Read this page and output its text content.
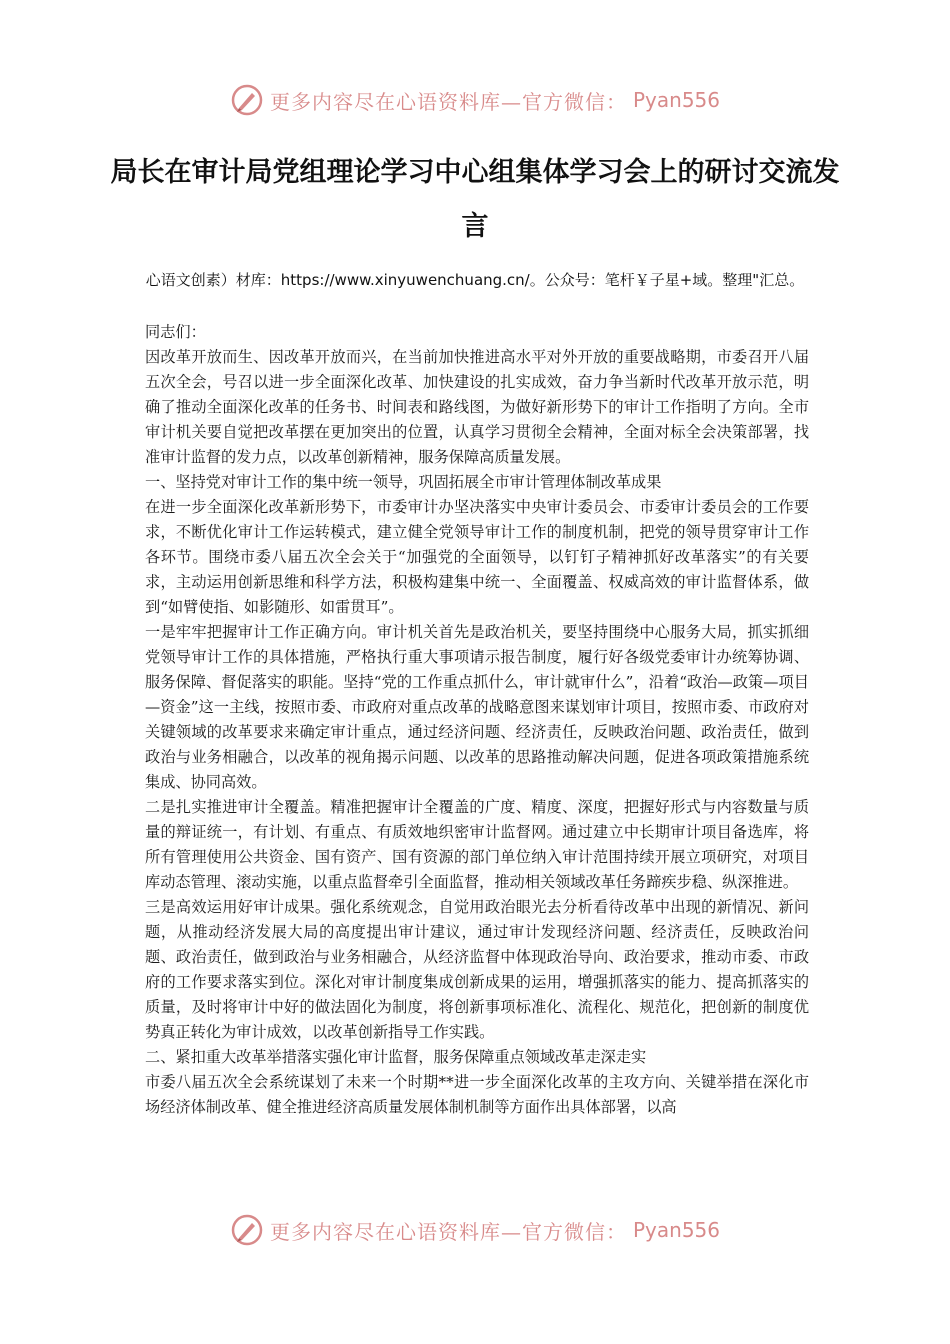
更多内容尽在心语资料库—官方微信： Pyan556
局长在审计局党组理论学习中心组集体学习会上的研讨交流发言
心语文创素）材库：https://www.xinyuwenchuang.cn/。公众号：笔杆￥子星+域。整理"汇总。

同志们：

因改革开放而生、因改革开放而兴，在当前加快推进高水平对外开放的重要战略期，市委召开八届五次全会，号召以进一步全面深化改革、加快建设的扎实成效，奋力争当新时代改革开放示范，明确了推动全面深化改革的任务书、时间表和路线图，为做好新形势下的审计工作指明了方向。全市审计机关要自觉把改革摆在更加突出的位置，认真学习贯彻全会精神，全面对标全会决策部署，找准审计监督的发力点，以改革创新精神，服务保障高质量发展。

一、坚持党对审计工作的集中统一领导，巩固拓展全市审计管理体制改革成果

在进一步全面深化改革新形势下，市委审计办坚决落实中央审计委员会、市委审计委员会的工作要求，不断优化审计工作运转模式，建立健全党领导审计工作的制度机制，把党的领导贯穿审计工作各环节。围绕市委八届五次全会关于“加强党的全面领导，以钉钉子精神抓好改革落实”的有关要求，主动运用创新思维和科学方法，积极构建集中统一、全面覆盖、权威高效的审计监督体系，做到“如臂使指、如影随形、如雷贯耳”。

一是牢牢把握审计工作正确方向。审计机关首先是政治机关，要坚持围绕中心服务大局，抓实抓细党领导审计工作的具体措施，严格执行重大事项请示报告制度，履行好各级党委审计办统筹协调、服务保障、督促落实的职能。坚持“党的工作重点抓什么，审计就审什么”，沿着“政治—政策—项目—资金”这一主线，按照市委、市政府对重点改革的战略意图来谋划审计项目，按照市委、市政府对关键领域的改革要求来确定审计重点，通过经济问题、经济责任，反映政治问题、政治责任，做到政治与业务相融合，以改革的视角揭示问题、以改革的思路推动解决问题，促进各项政策措施系统集成、协同高效。

二是扎实推进审计全覆盖。精准把握审计全覆盖的广度、精度、深度，把握好形式与内容数量与质量的辩证统一，有计划、有重点、有质效地织密审计监督网。通过建立中长期审计项目备选库，将所有管理使用公共资金、国有资产、国有资源的部门单位纳入审计范围持续开展立项研究，对项目库动态管理、滚动实施，以重点监督牵引全面监督，推动相关领域改革任务蹄疾步稳、纵深推进。

三是高效运用好审计成果。强化系统观念，自觉用政治眼光去分析看待改革中出现的新情况、新问题，从推动经济发展大局的高度提出审计建议，通过审计发现经济问题、经济责任，反映政治问题、政治责任，做到政治与业务相融合，从经济监督中体现政治导向、政治要求，推动市委、市政府的工作要求落实到位。深化对审计制度集成创新成果的运用，增强抓落实的能力、提高抓落实的质量，及时将审计中好的做法固化为制度，将创新事项标准化、流程化、规范化，把创新的制度优势真正转化为审计成效，以改革创新指导工作实践。

二、紧扣重大改革举措落实强化审计监督，服务保障重点领域改革走深走实

市委八届五次全会系统谋划了未来一个时期**进一步全面深化改革的主攻方向、关键举措在深化市场经济体制改革、健全推进经济高质量发展体制机制等方面作出具体部署，以高

更多内容尽在心语资料库—官方微信： Pyan556
